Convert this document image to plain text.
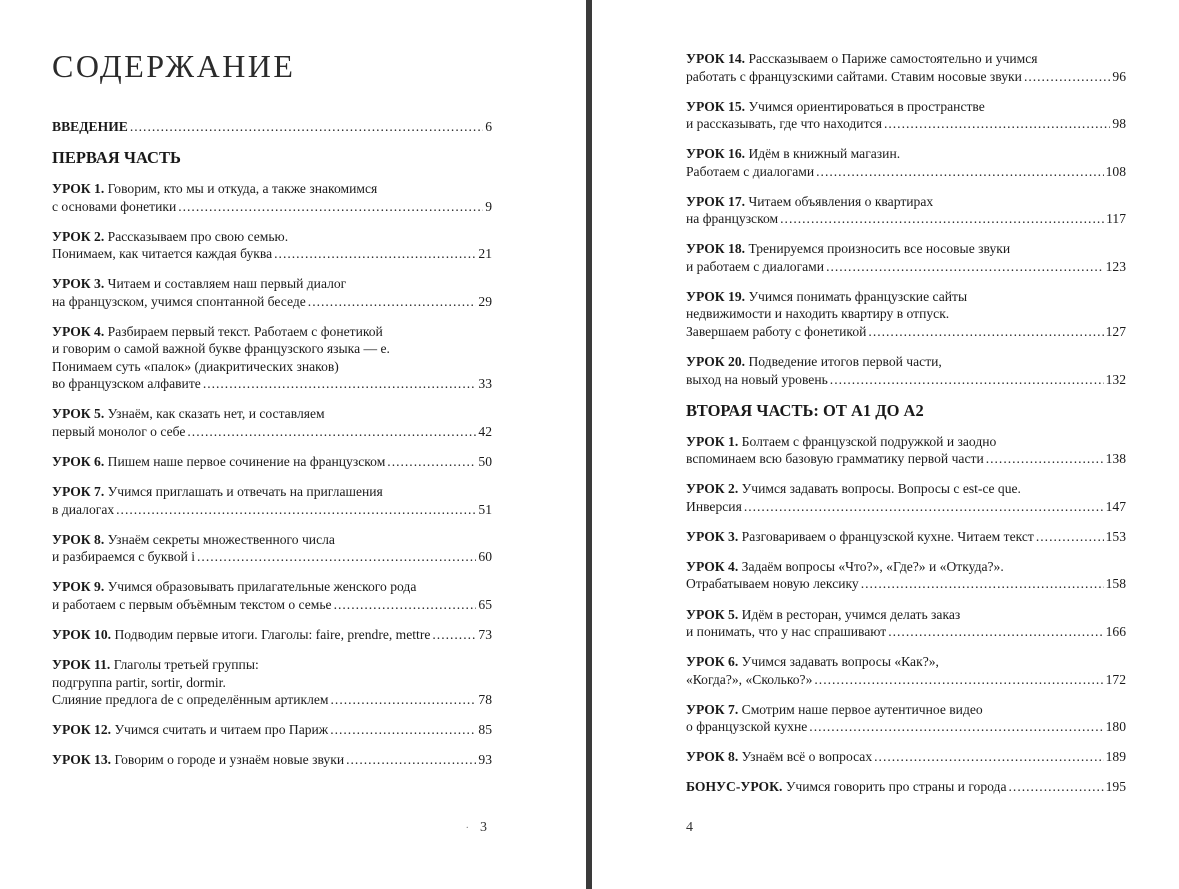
СОДЕРЖАНИЕ
ВВЕДЕНИЕ .....	6
ПЕРВАЯ ЧАСТЬ
УРОК 1. Говорим, кто мы и откуда, а также знакомимся
с основами фонетики .....	9
УРОК 2. Рассказываем про свою семью.
Понимаем, как читается каждая буква .....	21
УРОК 3. Читаем и составляем наш первый диалог
на французском, учимся спонтанной беседе .....	29
УРОК 4. Разбираем первый текст. Работаем с фонетикой
и говорим о самой важной букве французского языка — е.
Понимаем суть «палок» (диакритических знаков)
во французском алфавите .....	33
УРОК 5. Узнаём, как сказать нет, и составляем
первый монолог о себе .....	42
УРОК 6. Пишем наше первое сочинение на французском .....	50
УРОК 7. Учимся приглашать и отвечать на приглашения
в диалогах .....	51
УРОК 8. Узнаём секреты множественного числа
и разбираемся с буквой i .....	60
УРОК 9. Учимся образовывать прилагательные женского рода
и работаем с первым объёмным текстом о семье .....	65
УРОК 10. Подводим первые итоги. Глаголы: faire, prendre, mettre .....	73
УРОК 11. Глаголы третьей группы:
подгруппа partir, sortir, dormir.
Слияние предлога de с определённым артиклем .....	78
УРОК 12. Учимся считать и читаем про Париж .....	85
УРОК 13. Говорим о городе и узнаём новые звуки .....	93
. 3
УРОК 14. Рассказываем о Париже самостоятельно и учимся
работать с французскими сайтами. Ставим носовые звуки .....	96
УРОК 15. Учимся ориентироваться в пространстве
и рассказывать, где что находится .....	98
УРОК 16. Идём в книжный магазин.
Работаем с диалогами .....	108
УРОК 17. Читаем объявления о квартирах
на французском .....	117
УРОК 18. Тренируемся произносить все носовые звуки
и работаем с диалогами .....	123
УРОК 19. Учимся понимать французские сайты
недвижимости и находить квартиру в отпуск.
Завершаем работу с фонетикой .....	127
УРОК 20. Подведение итогов первой части,
выход на новый уровень .....	132
ВТОРАЯ ЧАСТЬ: ОТ А1 ДО А2
УРОК 1. Болтаем с французской подружкой и заодно
вспоминаем всю базовую грамматику первой части .....	138
УРОК 2. Учимся задавать вопросы. Вопросы с est-ce que.
Инверсия .....	147
УРОК 3. Разговариваем о французской кухне. Читаем текст .....	153
УРОК 4. Задаём вопросы «Что?», «Где?» и «Откуда?».
Отрабатываем новую лексику .....	158
УРОК 5. Идём в ресторан, учимся делать заказ
и понимать, что у нас спрашивают .....	166
УРОК 6. Учимся задавать вопросы «Как?»,
«Когда?», «Сколько?» .....	172
УРОК 7. Смотрим наше первое аутентичное видео
о французской кухне .....	180
УРОК 8. Узнаём всё о вопросах .....	189
БОНУС-УРОК. Учимся говорить про страны и города .....	195
4
